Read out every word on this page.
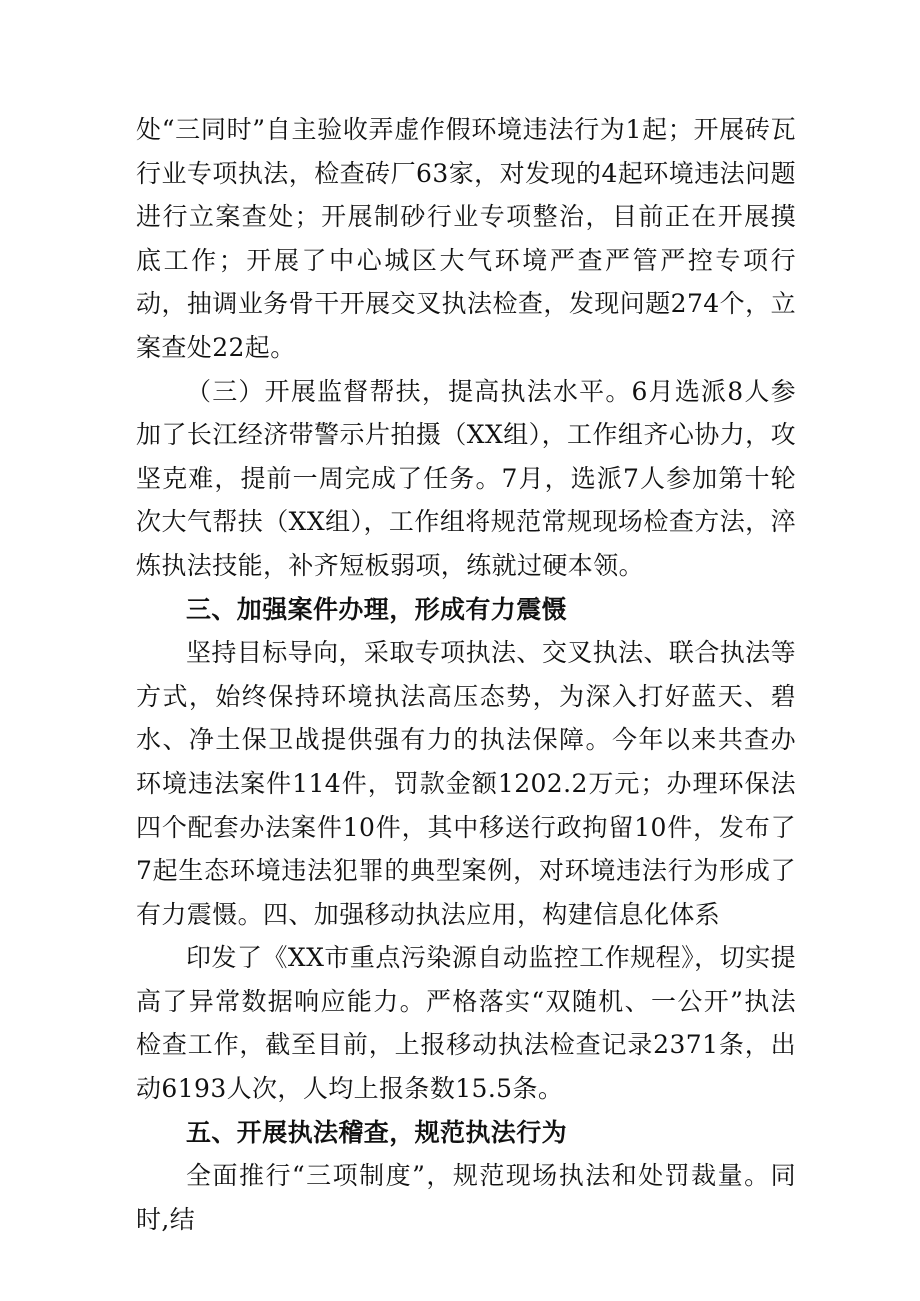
处“三同时”自主验收弄虚作假环境违法行为1起；开展砖瓦行业专项执法，检查砖厂63家，对发现的4起环境违法问题进行立案查处；开展制砂行业专项整治，目前正在开展摸底工作；开展了中心城区大气环境严查严管严控专项行动，抽调业务骨干开展交叉执法检查，发现问题274个，立案查处22起。

（三）开展监督帮扶，提高执法水平。6月选派8人参加了长江经济带警示片拍摄（XX组），工作组齐心协力，攻坚克难，提前一周完成了任务。7月，选派7人参加第十轮次大气帮扶（XX组），工作组将规范常规现场检查方法，淬炼执法技能，补齐短板弱项，练就过硬本领。

三、加强案件办理，形成有力震慑

坚持目标导向，采取专项执法、交叉执法、联合执法等方式，始终保持环境执法高压态势，为深入打好蓝天、碧水、净土保卫战提供强有力的执法保障。今年以来共查办环境违法案件114件，罚款金额1202.2万元；办理环保法四个配套办法案件10件，其中移送行政拘留10件，发布了7起生态环境违法犯罪的典型案例，对环境违法行为形成了有力震慑。四、加强移动执法应用，构建信息化体系

印发了《XX市重点污染源自动监控工作规程》，切实提高了异常数据响应能力。严格落实“双随机、一公开”执法检查工作，截至目前，上报移动执法检查记录2371条，出动6193人次，人均上报条数15.5条。

五、开展执法稽查，规范执法行为

全面推行“三项制度”，规范现场执法和处罚裁量。同时,结
